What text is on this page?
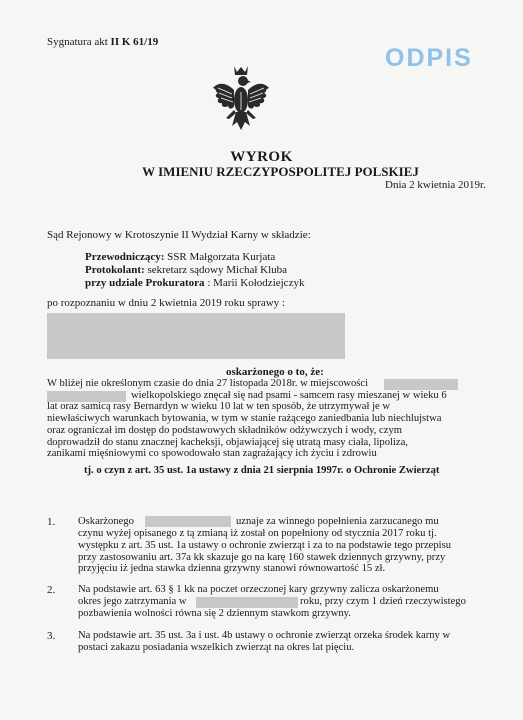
Sygnatura akt II K 61/19
ODPIS
WYROK
W IMIENIU RZECZYPOSPOLITEJ POLSKIEJ
Dnia 2 kwietnia 2019r.
Sąd Rejonowy w Krotoszynie II Wydział Karny w składzie:
Przewodniczący: SSR Małgorzata Kurjata
Protokolant: sekretarz sądowy Michał Kluba
przy udziale Prokuratora : Marii Kołodziejczyk
po rozpoznaniu w dniu 2 kwietnia 2019 roku sprawy :
oskarżonego o to, że:
W bliżej nie określonym czasie do dnia 27 listopada 2018r. w miejscowości
wielkopolskiego znęcał się nad psami - samcem rasy mieszanej w wieku 6
lat oraz samicą rasy Bernardyn w wieku 10 lat w ten sposób, że utrzymywał je w
niewłaściwych warunkach bytowania, w tym w stanie rażącego zaniedbania lub niechlujstwa
oraz ograniczał im dostęp do podstawowych składników odżywczych i wody, czym
doprowadził do stanu znacznej kacheksji, objawiającej się utratą masy ciała, lipoliza,
zanikami mięśniowymi co spowodowało stan zagrażający ich życiu i zdrowiu
tj. o czyn z art. 35 ust. 1a ustawy z dnia 21 sierpnia 1997r. o Ochronie Zwierząt
1. Oskarżonego	uznaje za winnego popełnienia zarzucanego mu
czynu wyżej opisanego z tą zmianą iż został on popełniony od stycznia 2017 roku tj.
występku z art. 35 ust. 1a ustawy o ochronie zwierząt i za to na podstawie tego przepisu
przy zastosowaniu art. 37a kk skazuje go na karę 160 stawek dziennych grzywny, przy
przyjęciu iż jedna stawka dzienna grzywny stanowi równowartość 15 zł.
2. Na podstawie art. 63 § 1 kk na poczet orzeczonej kary grzywny zalicza oskarżonemu
okres jego zatrzymania w	roku, przy czym 1 dzień rzeczywistego
pozbawienia wolności równa się 2 dziennym stawkom grzywny.
3. Na podstawie art. 35 ust. 3a i ust. 4b ustawy o ochronie zwierząt orzeka środek karny w
postaci zakazu posiadania wszelkich zwierząt na okres lat pięciu.
